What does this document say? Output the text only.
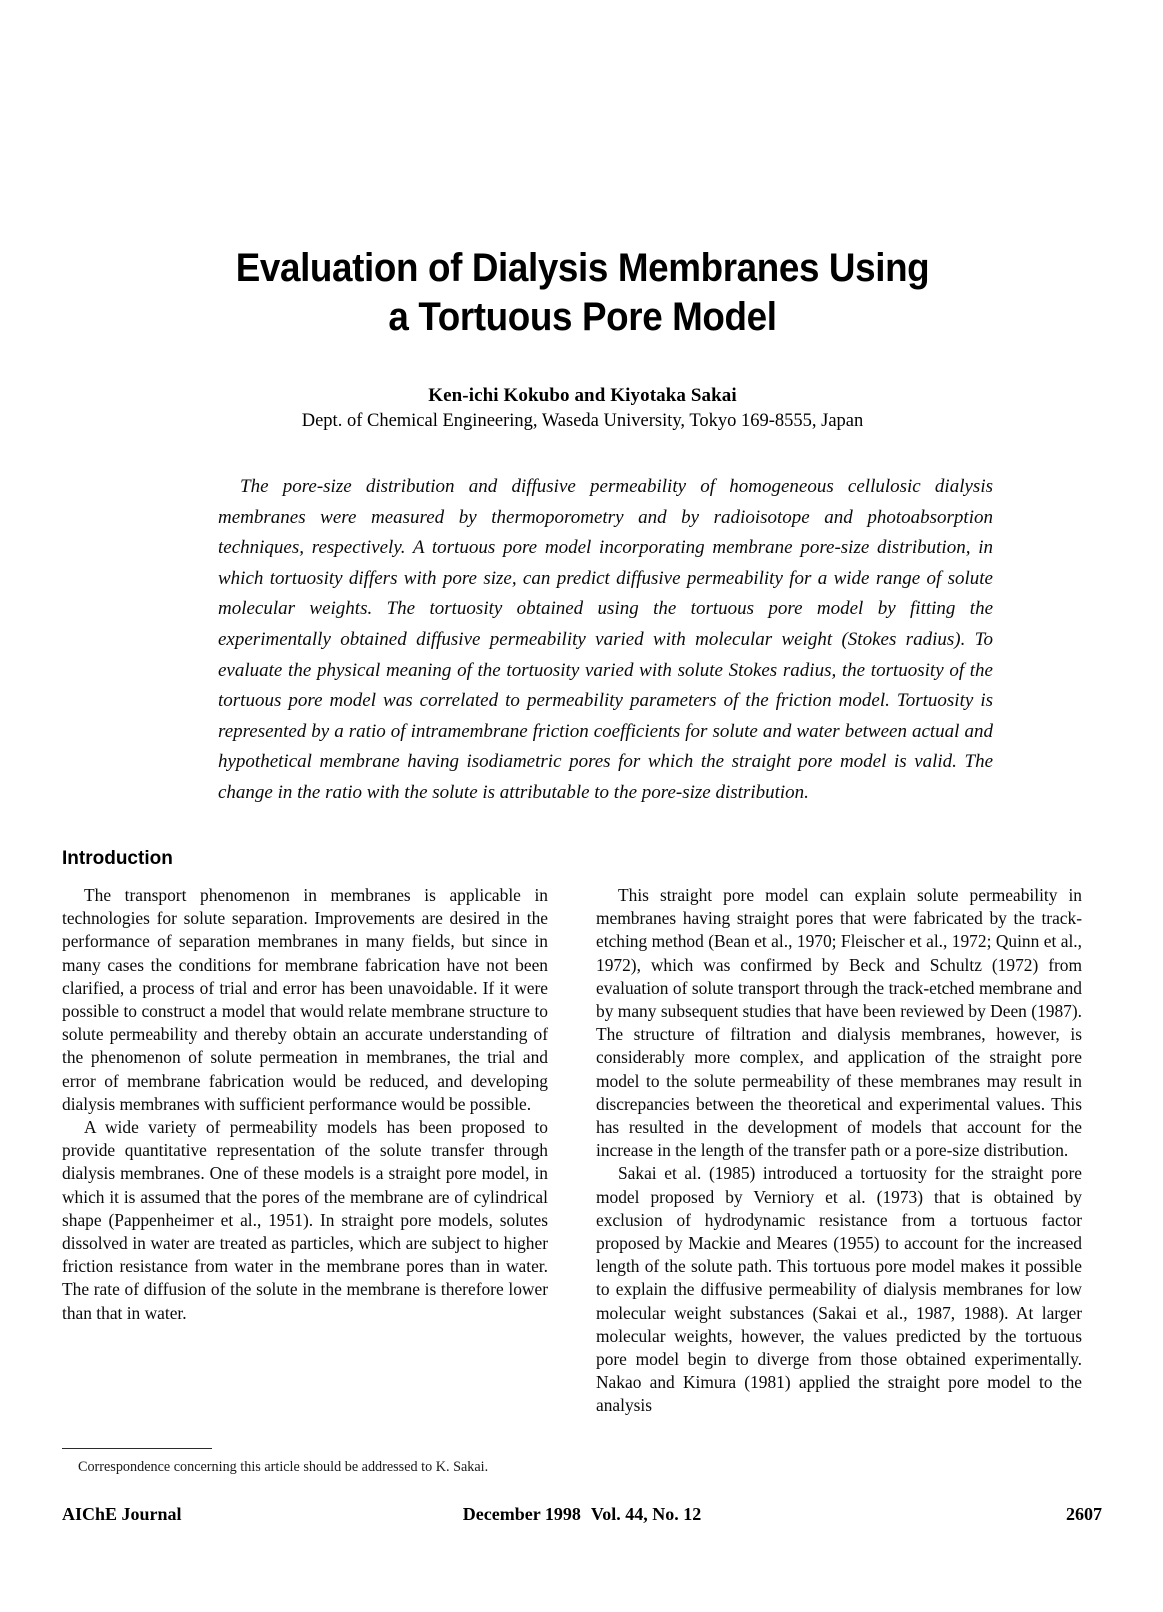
Evaluation of Dialysis Membranes Using
a Tortuous Pore Model
Ken-ichi Kokubo and Kiyotaka Sakai
Dept. of Chemical Engineering, Waseda University, Tokyo 169-8555, Japan
The pore-size distribution and diffusive permeability of homogeneous cellulosic dialysis membranes were measured by thermoporometry and by radioisotope and photoabsorption techniques, respectively. A tortuous pore model incorporating membrane pore-size distribution, in which tortuosity differs with pore size, can predict diffusive permeability for a wide range of solute molecular weights. The tortuosity obtained using the tortuous pore model by fitting the experimentally obtained diffusive permeability varied with molecular weight (Stokes radius). To evaluate the physical meaning of the tortuosity varied with solute Stokes radius, the tortuosity of the tortuous pore model was correlated to permeability parameters of the friction model. Tortuosity is represented by a ratio of intramembrane friction coefficients for solute and water between actual and hypothetical membrane having isodiametric pores for which the straight pore model is valid. The change in the ratio with the solute is attributable to the pore-size distribution.
Introduction

The transport phenomenon in membranes is applicable in technologies for solute separation. Improvements are desired in the performance of separation membranes in many fields, but since in many cases the conditions for membrane fabrication have not been clarified, a process of trial and error has been unavoidable. If it were possible to construct a model that would relate membrane structure to solute permeability and thereby obtain an accurate understanding of the phenomenon of solute permeation in membranes, the trial and error of membrane fabrication would be reduced, and developing dialysis membranes with sufficient performance would be possible.

A wide variety of permeability models has been proposed to provide quantitative representation of the solute transfer through dialysis membranes. One of these models is a straight pore model, in which it is assumed that the pores of the membrane are of cylindrical shape (Pappenheimer et al., 1951). In straight pore models, solutes dissolved in water are treated as particles, which are subject to higher friction resistance from water in the membrane pores than in water. The rate of diffusion of the solute in the membrane is therefore lower than that in water.

This straight pore model can explain solute permeability in membranes having straight pores that were fabricated by the track-etching method (Bean et al., 1970; Fleischer et al., 1972; Quinn et al., 1972), which was confirmed by Beck and Schultz (1972) from evaluation of solute transport through the track-etched membrane and by many subsequent studies that have been reviewed by Deen (1987). The structure of filtration and dialysis membranes, however, is considerably more complex, and application of the straight pore model to the solute permeability of these membranes may result in discrepancies between the theoretical and experimental values. This has resulted in the development of models that account for the increase in the length of the transfer path or a pore-size distribution.

Sakai et al. (1985) introduced a tortuosity for the straight pore model proposed by Verniory et al. (1973) that is obtained by exclusion of hydrodynamic resistance from a tortuous factor proposed by Mackie and Meares (1955) to account for the increased length of the solute path. This tortuous pore model makes it possible to explain the diffusive permeability of dialysis membranes for low molecular weight substances (Sakai et al., 1987, 1988). At larger molecular weights, however, the values predicted by the tortuous pore model begin to diverge from those obtained experimentally. Nakao and Kimura (1981) applied the straight pore model to the analysis

Correspondence concerning this article should be addressed to K. Sakai.
AIChE Journal	December 1998 Vol. 44, No. 12	2607
